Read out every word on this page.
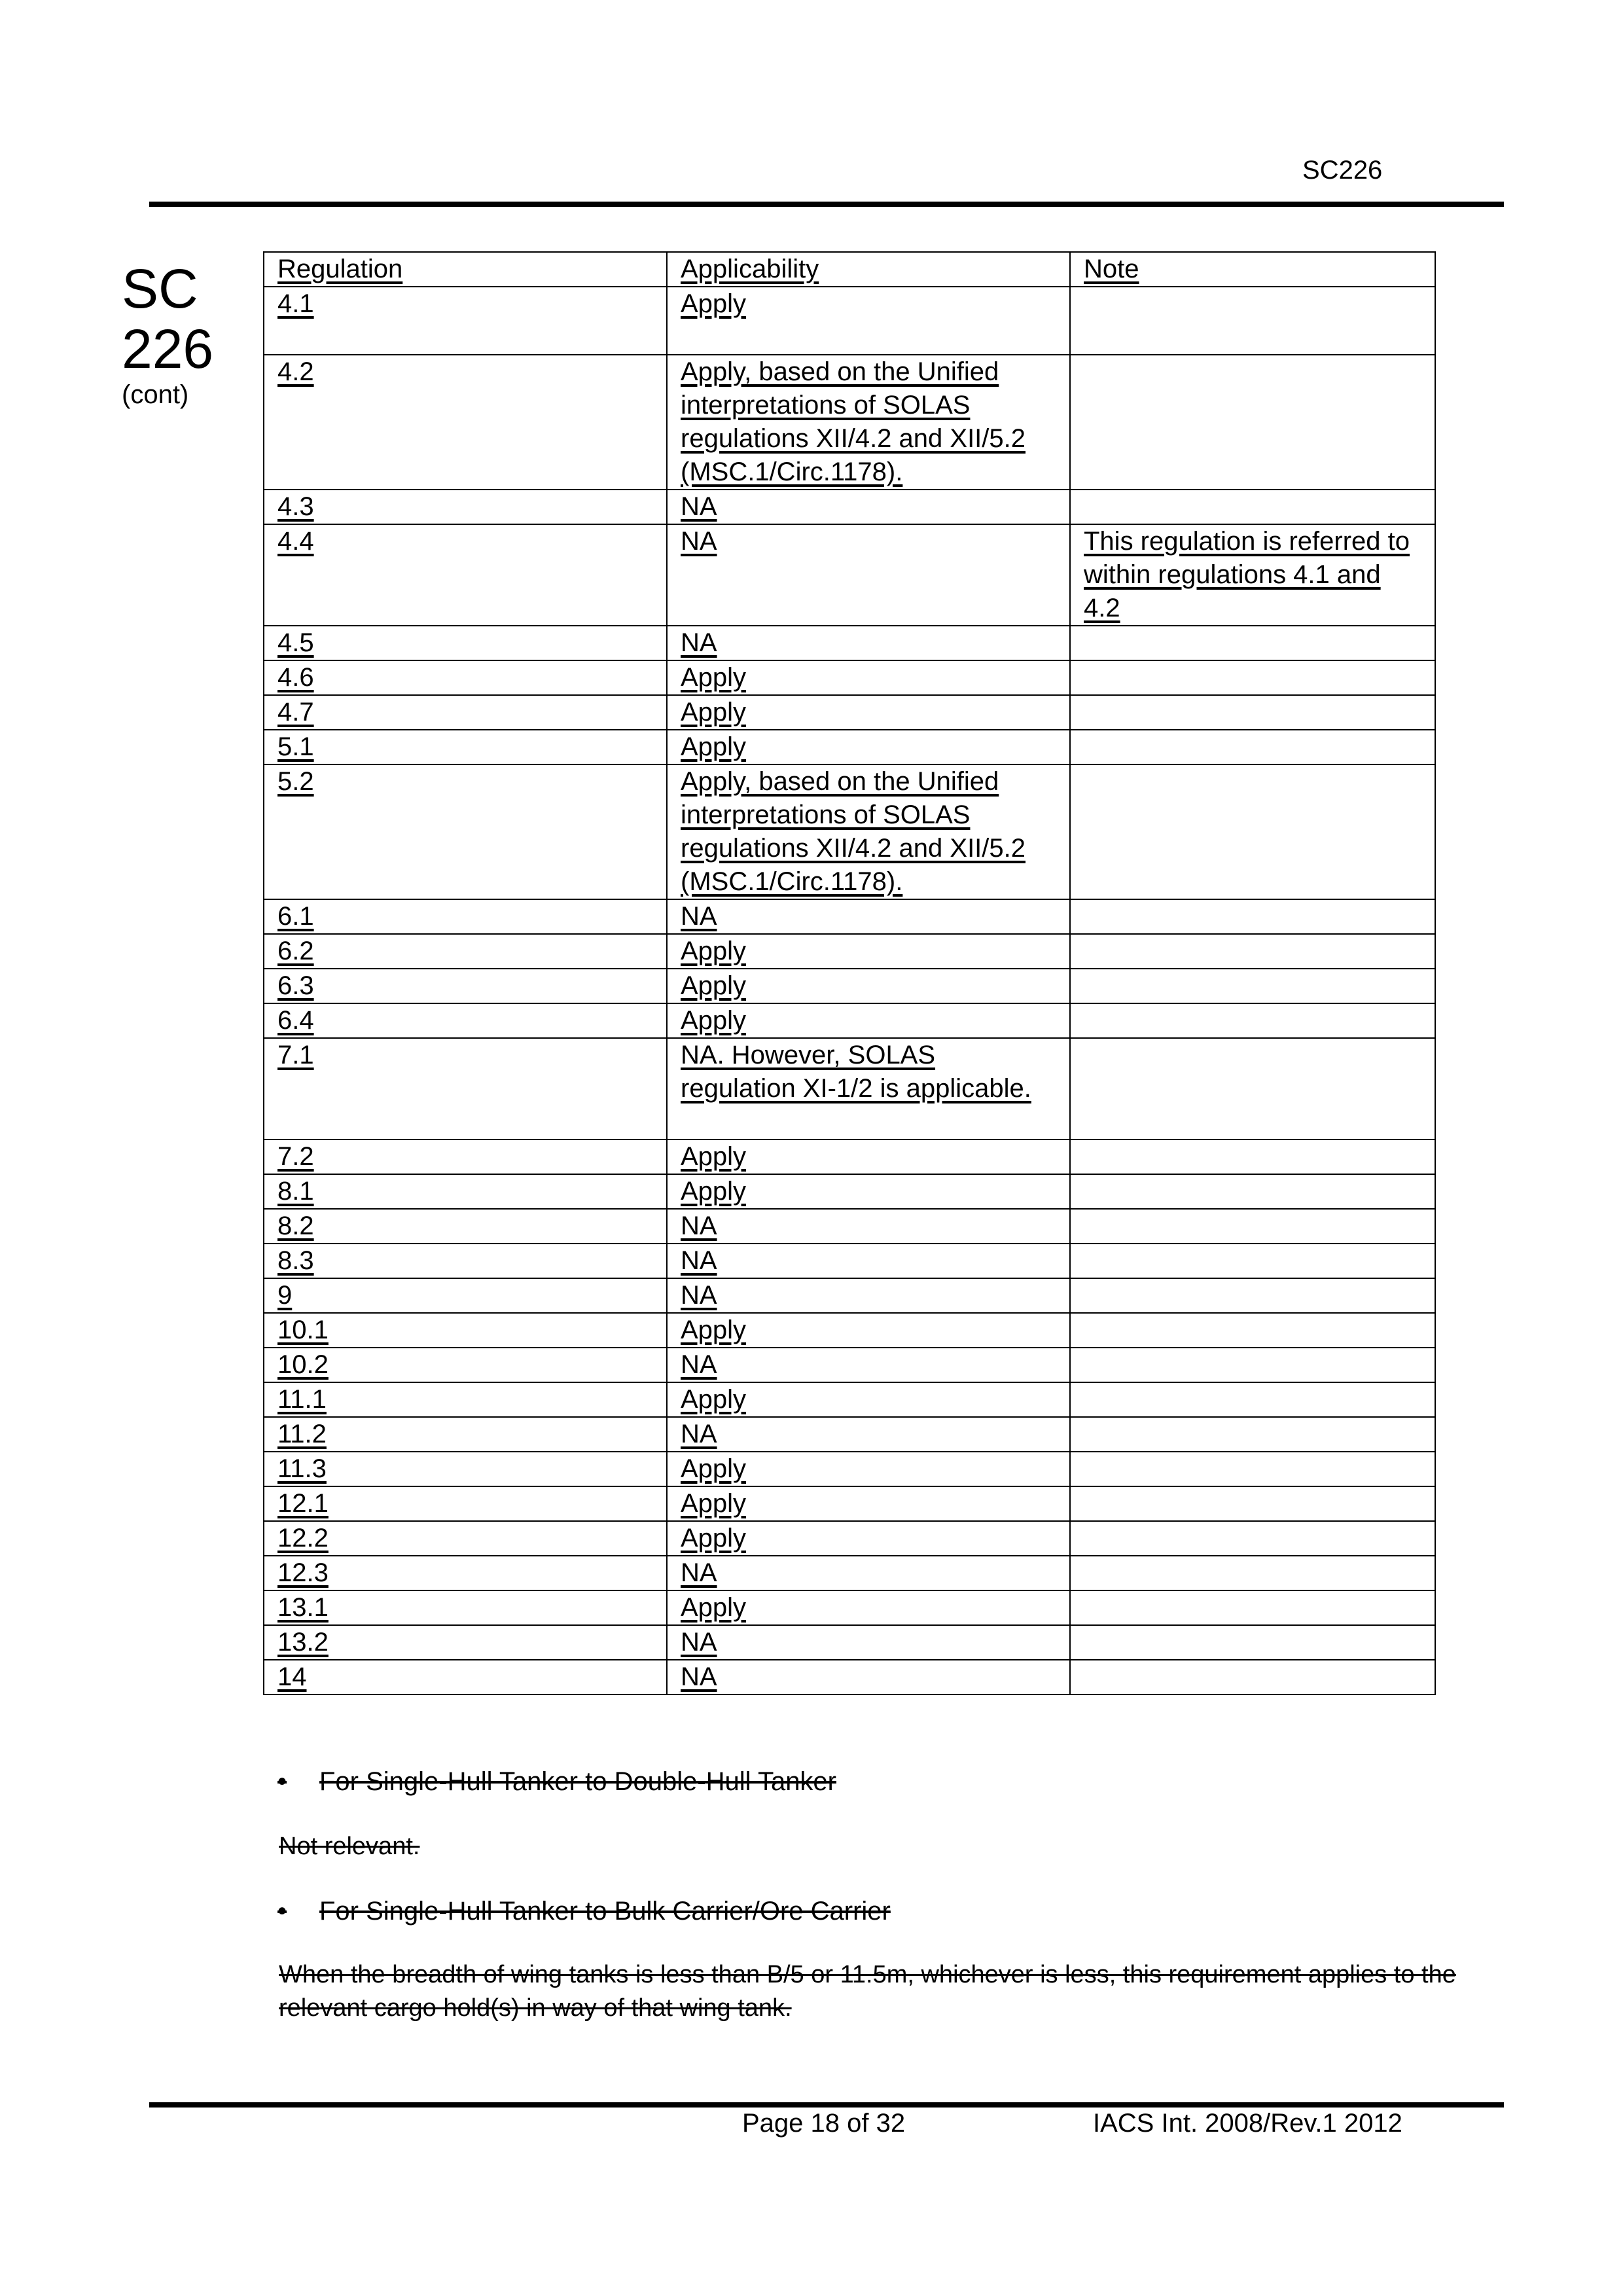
SC226
SC
226
(cont)
Regulation	Applicability	Note
4.1	Apply	
4.2	Apply, based on the Unified interpretations of SOLAS regulations XII/4.2 and XII/5.2 (MSC.1/Circ.1178).	
4.3	NA	
4.4	NA	This regulation is referred to within regulations 4.1 and 4.2
4.5	NA	
4.6	Apply	
4.7	Apply	
5.1	Apply	
5.2	Apply, based on the Unified interpretations of SOLAS regulations XII/4.2 and XII/5.2 (MSC.1/Circ.1178).	
6.1	NA	
6.2	Apply	
6.3	Apply	
6.4	Apply	
7.1	NA. However, SOLAS regulation XI-1/2 is applicable.	
7.2	Apply	
8.1	Apply	
8.2	NA	
8.3	NA	
9	NA	
10.1	Apply	
10.2	NA	
11.1	Apply	
11.2	NA	
11.3	Apply	
12.1	Apply	
12.2	Apply	
12.3	NA	
13.1	Apply	
13.2	NA	
14	NA	
• For Single-Hull Tanker to Double-Hull Tanker
Not relevant.
• For Single-Hull Tanker to Bulk Carrier/Ore Carrier
When the breadth of wing tanks is less than B/5 or 11.5m, whichever is less, this requirement applies to the relevant cargo hold(s) in way of that wing tank.
Page 18 of 32	IACS Int. 2008/Rev.1 2012
